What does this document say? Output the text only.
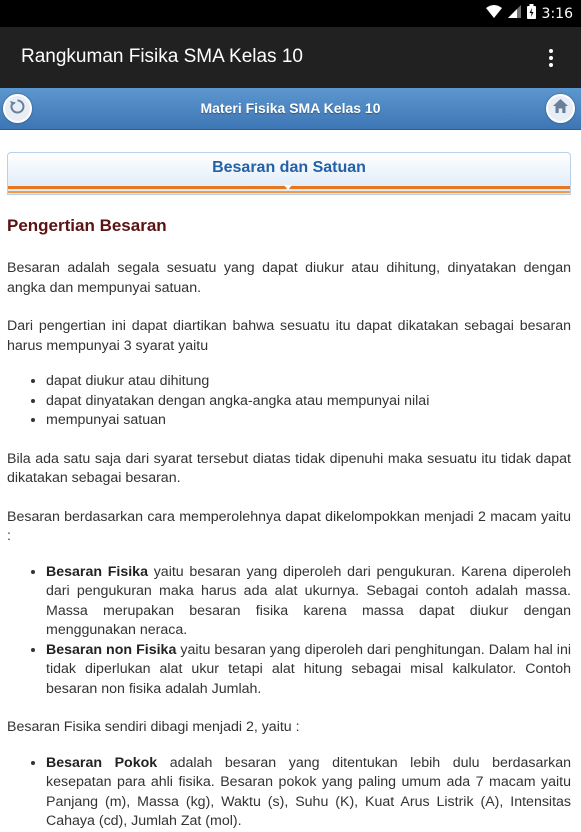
3:16
Rangkuman Fisika SMA Kelas 10
Materi Fisika SMA Kelas 10
Besaran dan Satuan
Pengertian Besaran

Besaran adalah segala sesuatu yang dapat diukur atau dihitung, dinyatakan dengan angka dan mempunyai satuan.

Dari pengertian ini dapat diartikan bahwa sesuatu itu dapat dikatakan sebagai besaran harus mempunyai 3 syarat yaitu

• dapat diukur atau dihitung
• dapat dinyatakan dengan angka-angka atau mempunyai nilai
• mempunyai satuan

Bila ada satu saja dari syarat tersebut diatas tidak dipenuhi maka sesuatu itu tidak dapat dikatakan sebagai besaran.

Besaran berdasarkan cara memperolehnya dapat dikelompokkan menjadi 2 macam yaitu :

• Besaran Fisika yaitu besaran yang diperoleh dari pengukuran. Karena diperoleh dari pengukuran maka harus ada alat ukurnya. Sebagai contoh adalah massa. Massa merupakan besaran fisika karena massa dapat diukur dengan menggunakan neraca.
• Besaran non Fisika yaitu besaran yang diperoleh dari penghitungan. Dalam hal ini tidak diperlukan alat ukur tetapi alat hitung sebagai misal kalkulator. Contoh besaran non fisika adalah Jumlah.

Besaran Fisika sendiri dibagi menjadi 2, yaitu :

• Besaran Pokok adalah besaran yang ditentukan lebih dulu berdasarkan kesepatan para ahli fisika. Besaran pokok yang paling umum ada 7 macam yaitu Panjang (m), Massa (kg), Waktu (s), Suhu (K), Kuat Arus Listrik (A), Intensitas Cahaya (cd), Jumlah Zat (mol).
